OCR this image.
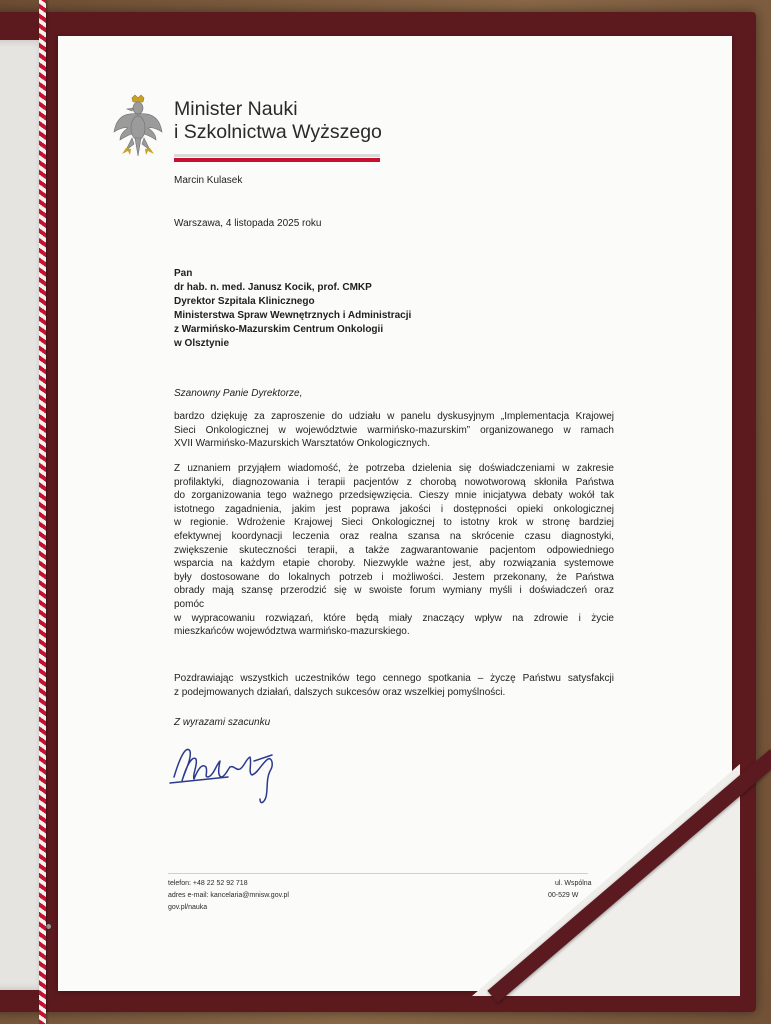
Minister Nauki
i Szkolnictwa Wyższego

Marcin Kulasek

Warszawa, 4 listopada 2025 roku

Pan

dr hab. n. med. Janusz Kocik, prof. CMKP

Dyrektor Szpitala Klinicznego

Ministerstwa Spraw Wewnętrznych i Administracji

z Warmińsko-Mazurskim Centrum Onkologii

w Olsztynie

Szanowny Panie Dyrektorze,

bardzo dziękuję za zaproszenie do udziału w panelu dyskusyjnym „Implementacja Krajowej
Sieci Onkologicznej w województwie warmińsko-mazurskim” organizowanego w ramach
XVII Warmińsko-Mazurskich Warsztatów Onkologicznych.
Z uznaniem przyjąłem wiadomość, że potrzeba dzielenia się doświadczeniami w zakresie
profilaktyki, diagnozowania i terapii pacjentów z chorobą nowotworową skłoniła Państwa
do zorganizowania tego ważnego przedsięwzięcia. Cieszy mnie inicjatywa debaty wokół tak
istotnego zagadnienia, jakim jest poprawa jakości i dostępności opieki onkologicznej
w regionie. Wdrożenie Krajowej Sieci Onkologicznej to istotny krok w stronę bardziej
efektywnej koordynacji leczenia oraz realna szansa na skrócenie czasu diagnostyki,
zwiększenie skuteczności terapii, a także zagwarantowanie pacjentom odpowiedniego
wsparcia na każdym etapie choroby. Niezwykle ważne jest, aby rozwiązania systemowe
były dostosowane do lokalnych potrzeb i możliwości. Jestem przekonany, że Państwa
obrady mają szansę przerodzić się w swoiste forum wymiany myśli i doświadczeń oraz
pomóc
w wypracowaniu rozwiązań, które będą miały znaczący wpływ na zdrowie i życie
mieszkańców województwa warmińsko-mazurskiego.
Pozdrawiając wszystkich uczestników tego cennego spotkania – życzę Państwu satysfakcji
z podejmowanych działań, dalszych sukcesów oraz wszelkiej pomyślności.

Z wyrazami szacunku

telefon: +48 22 52 92 718
adres e-mail: kancelaria@mnisw.gov.pl
gov.pl/nauka
ul. Wspólna
00-529 W
